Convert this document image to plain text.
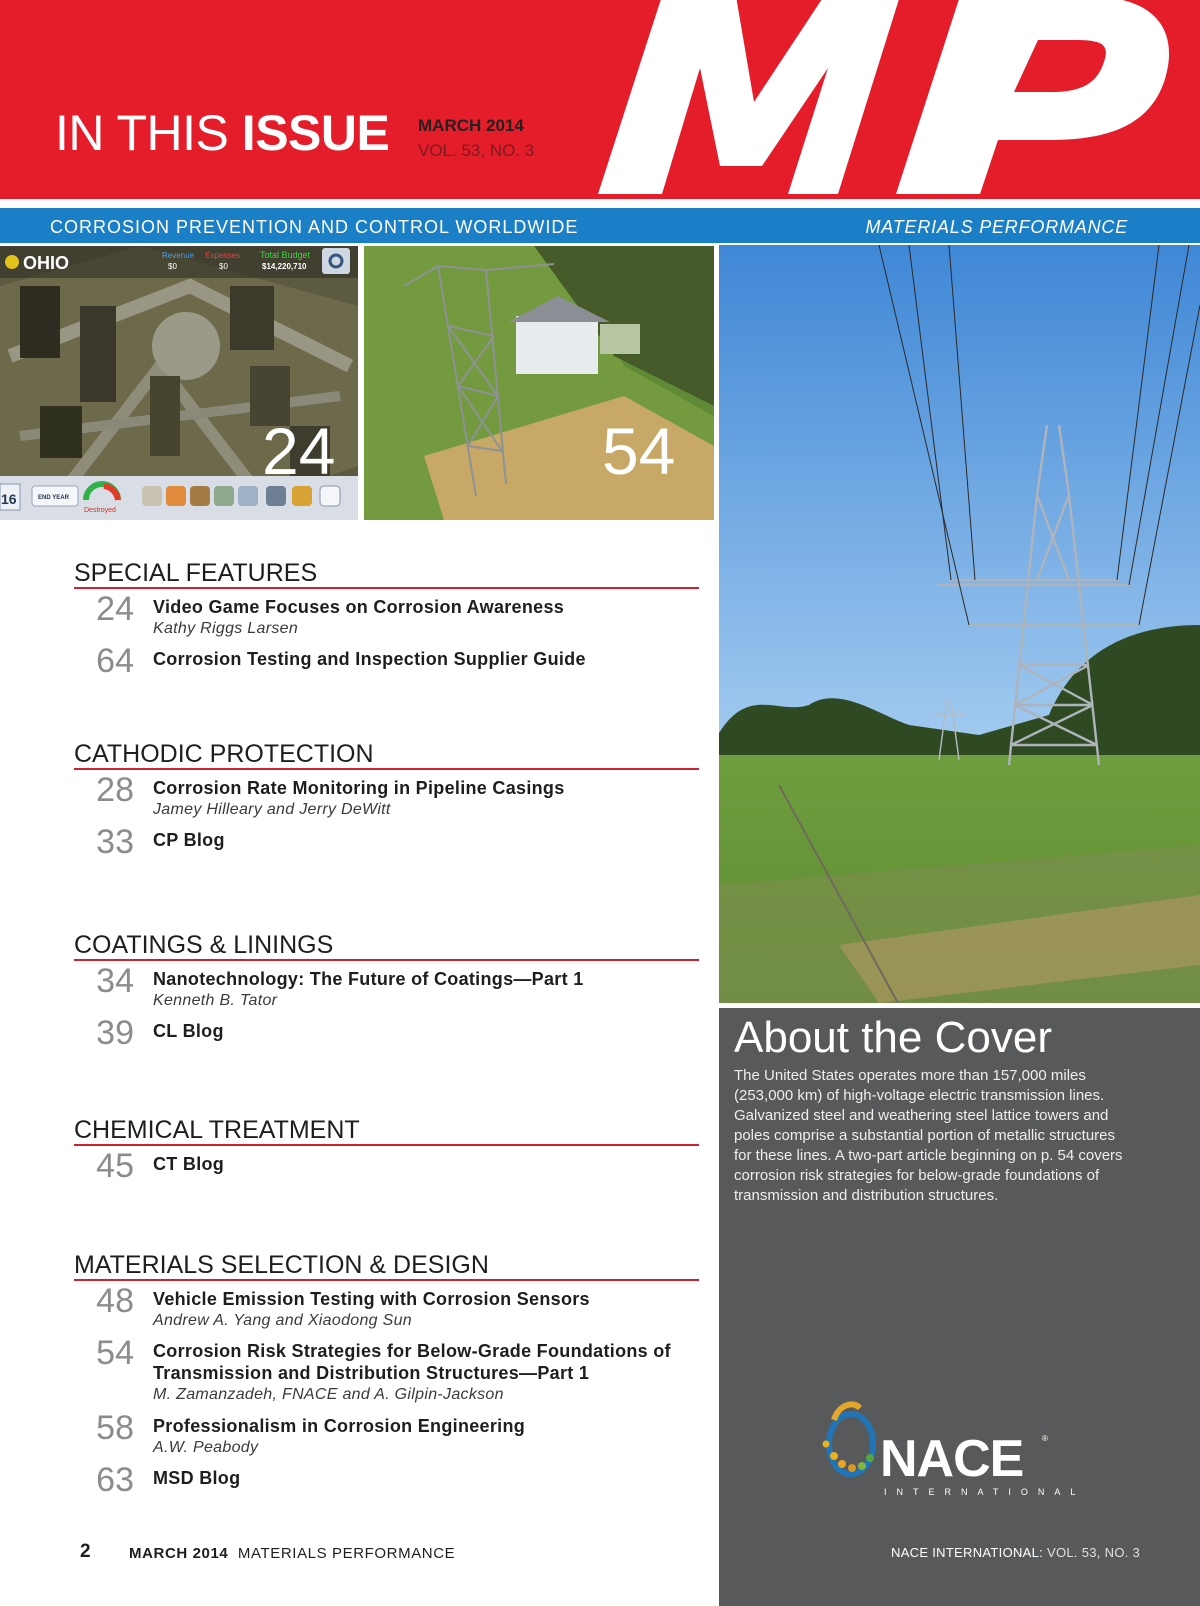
IN THIS ISSUE MARCH 2014
VOL. 53, NO. 3
CORROSION PREVENTION AND CONTROL WORLDWIDE	MATERIALS PERFORMANCE
OHIO	Revenue
$0
Expenses
$0
Total Budget
$14,220,710
16	END YEAR
Destroyed
24	54
SPECIAL FEATURES
24 Video Game Focuses on Corrosion Awareness
Kathy Riggs Larsen
64 Corrosion Testing and Inspection Supplier Guide
CATHODIC PROTECTION
28 Corrosion Rate Monitoring in Pipeline Casings
Jamey Hilleary and Jerry DeWitt
33 CP Blog
COATINGS & LININGS
34 Nanotechnology: The Future of Coatings—Part 1
Kenneth B. Tator
39 CL Blog
CHEMICAL TREATMENT
45 CT Blog
MATERIALS SELECTION & DESIGN
48 Vehicle Emission Testing with Corrosion Sensors
Andrew A. Yang and Xiaodong Sun
54 Corrosion Risk Strategies for Below-Grade Foundations of Transmission and Distribution Structures—Part 1
M. Zamanzadeh, FNACE and A. Gilpin-Jackson
58 Professionalism in Corrosion Engineering
A.W. Peabody
63 MSD Blog
About the Cover
The United States operates more than 157,000 miles (253,000 km) of high-voltage electric transmission lines. Galvanized steel and weathering steel lattice towers and poles comprise a substantial portion of metallic structures for these lines. A two-part article beginning on p. 54 covers corrosion risk strategies for below-grade foundations of transmission and distribution structures.
NACE ®
INTERNATIONAL
NACE INTERNATIONAL: VOL. 53, NO. 3
2	MARCH 2014 MATERIALS PERFORMANCE
